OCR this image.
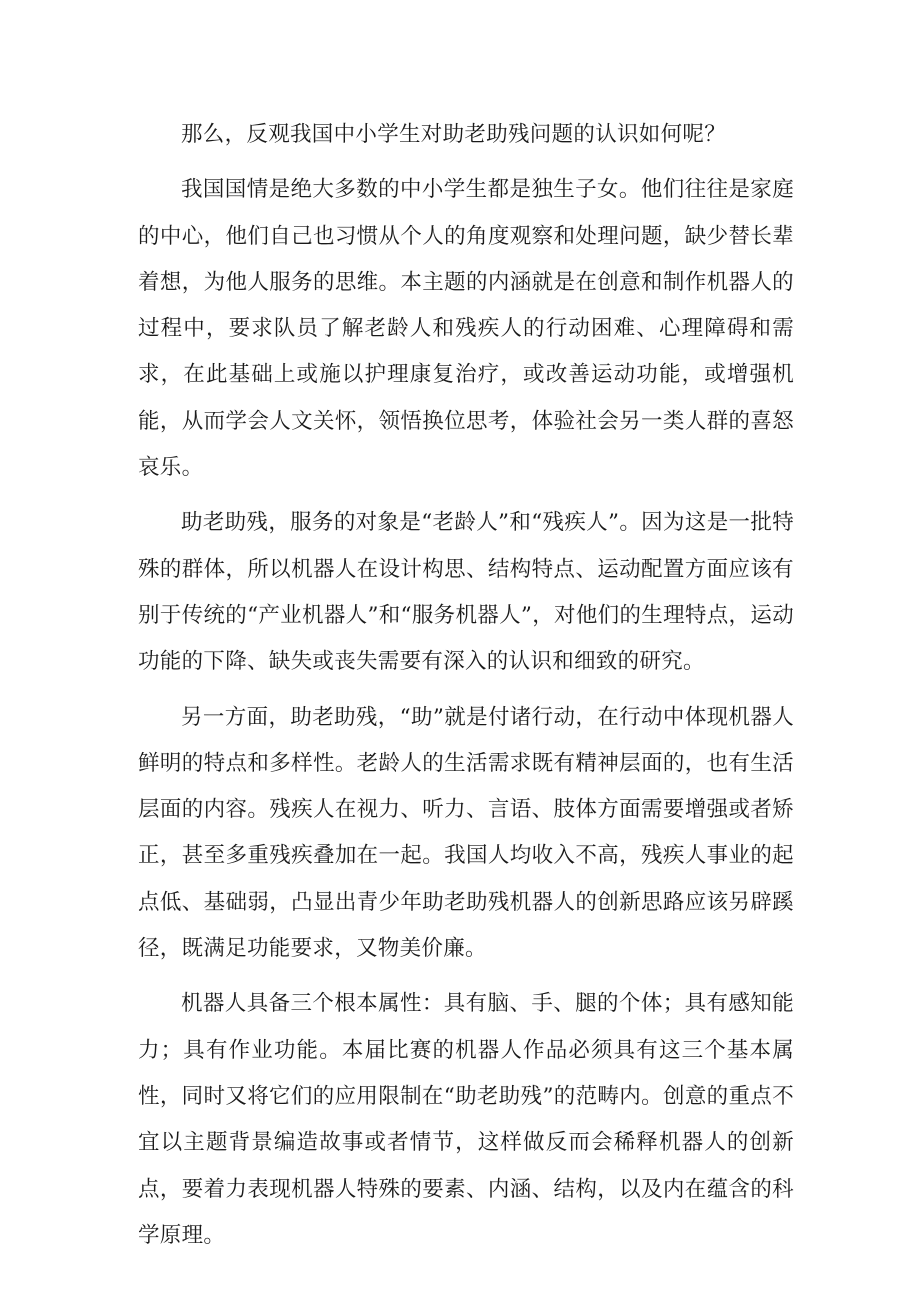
那么，反观我国中小学生对助老助残问题的认识如何呢？

我国国情是绝大多数的中小学生都是独生子女。他们往往是家庭的中心，他们自己也习惯从个人的角度观察和处理问题，缺少替长辈着想，为他人服务的思维。本主题的内涵就是在创意和制作机器人的过程中，要求队员了解老龄人和残疾人的行动困难、心理障碍和需求，在此基础上或施以护理康复治疗，或改善运动功能，或增强机能，从而学会人文关怀，领悟换位思考，体验社会另一类人群的喜怒哀乐。

助老助残，服务的对象是“老龄人”和“残疾人”。因为这是一批特殊的群体，所以机器人在设计构思、结构特点、运动配置方面应该有别于传统的“产业机器人”和“服务机器人”，对他们的生理特点，运动功能的下降、缺失或丧失需要有深入的认识和细致的研究。

另一方面，助老助残，“助”就是付诸行动，在行动中体现机器人鲜明的特点和多样性。老龄人的生活需求既有精神层面的，也有生活层面的内容。残疾人在视力、听力、言语、肢体方面需要增强或者矫正，甚至多重残疾叠加在一起。我国人均收入不高，残疾人事业的起点低、基础弱，凸显出青少年助老助残机器人的创新思路应该另辟蹊径，既满足功能要求，又物美价廉。

机器人具备三个根本属性：具有脑、手、腿的个体；具有感知能力；具有作业功能。本届比赛的机器人作品必须具有这三个基本属性，同时又将它们的应用限制在“助老助残”的范畴内。创意的重点不宜以主题背景编造故事或者情节，这样做反而会稀释机器人的创新点，要着力表现机器人特殊的要素、内涵、结构，以及内在蕴含的科学原理。
